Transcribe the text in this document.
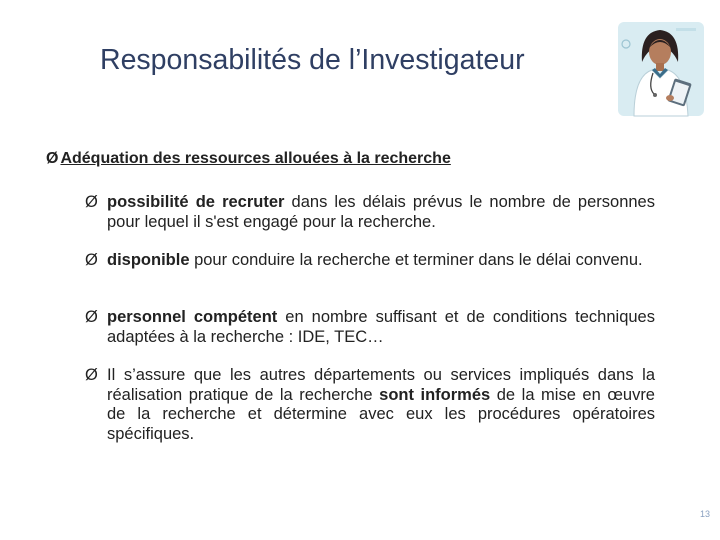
Responsabilités de l’Investigateur
Ø Adéquation des ressources allouées à la recherche
Ø possibilité de recruter dans les délais prévus le nombre de personnes pour lequel il s'est engagé pour la recherche.
Ø disponible pour conduire la recherche et terminer dans le délai convenu.
Ø personnel compétent en nombre suffisant et de conditions techniques adaptées à la recherche : IDE, TEC…
Ø Il s’assure que les autres départements ou services impliqués dans la réalisation pratique de la recherche sont informés de la mise en œuvre de la recherche et détermine avec eux les procédures opératoires spécifiques.
13
